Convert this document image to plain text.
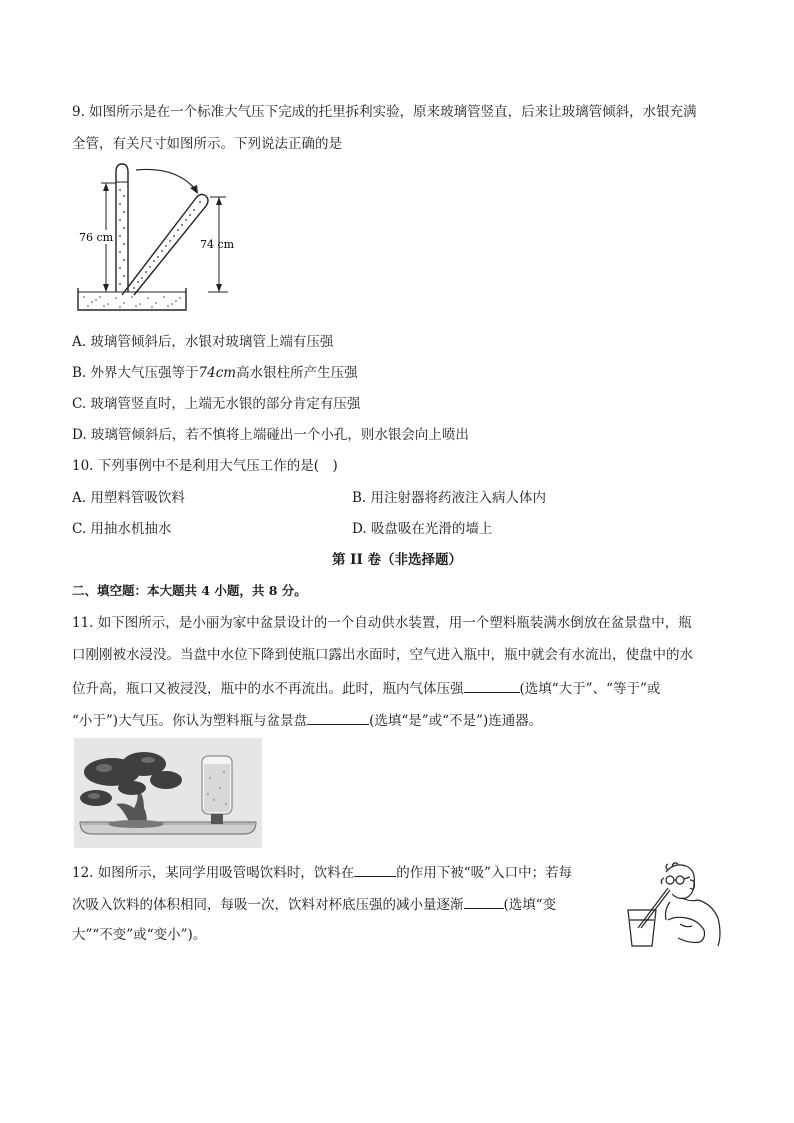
9. 如图所示是在一个标准大气压下完成的托里拆利实验，原来玻璃管竖直，后来让玻璃管倾斜，水银充满
全管，有关尺寸如图所示。下列说法正确的是
76 cm
74 cm
A. 玻璃管倾斜后，水银对玻璃管上端有压强
B. 外界大气压强等于74cm高水银柱所产生压强
C. 玻璃管竖直时，上端无水银的部分肯定有压强
D. 玻璃管倾斜后，若不慎将上端碰出一个小孔，则水银会向上喷出
10. 下列事例中不是利用大气压工作的是(　)
A. 用塑料管吸饮料	B. 用注射器将药液注入病人体内
C. 用抽水机抽水	D. 吸盘吸在光滑的墙上
第 II 卷（非选择题）
二、填空题：本大题共 4 小题，共 8 分。
11. 如下图所示，是小丽为家中盆景设计的一个自动供水装置，用一个塑料瓶装满水倒放在盆景盘中，瓶
口刚刚被水浸没。当盘中水位下降到使瓶口露出水面时，空气进入瓶中，瓶中就会有水流出，使盘中的水
位升高，瓶口又被浸没，瓶中的水不再流出。此时，瓶内气体压强	(选填“大于”、“等于”或
“小于”)大气压。你认为塑料瓶与盆景盘	(选填“是”或“不是”)连通器。
12. 如图所示，某同学用吸管喝饮料时，饮料在	的作用下被“吸”入口中；若每
次吸入饮料的体积相同，每吸一次，饮料对杯底压强的减小量逐渐	(选填“变
大”“不变”或“变小”)。
